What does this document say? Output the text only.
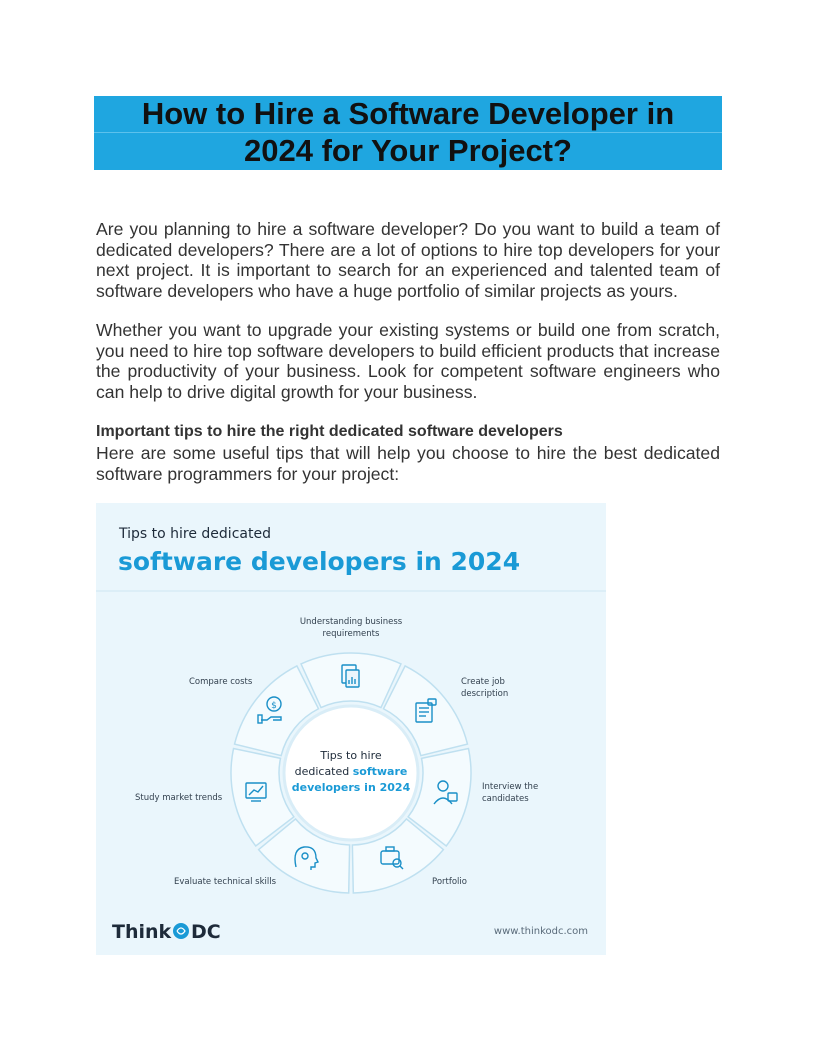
How to Hire a Software Developer in
2024 for Your Project?

Are you planning to hire a software developer? Do you want to build a team of dedicated developers? There are a lot of options to hire top developers for your next project. It is important to search for an experienced and talented team of software developers who have a huge portfolio of similar projects as yours.

Whether you want to upgrade your existing systems or build one from scratch, you need to hire top software developers to build efficient products that increase the productivity of your business. Look for competent software engineers who can help to drive digital growth for your business.

Important tips to hire the right dedicated software developers

Here are some useful tips that will help you choose to hire the best dedicated software programmers for your project:

Tips to hire dedicated
software developers in 2024
Tips to hire
dedicated software
developers in 2024
$
Understanding business
requirements
Create job
description
Interview the
candidates
Portfolio
Evaluate technical skills
Study market trends
Compare costs
Think DC	www.thinkodc.com
